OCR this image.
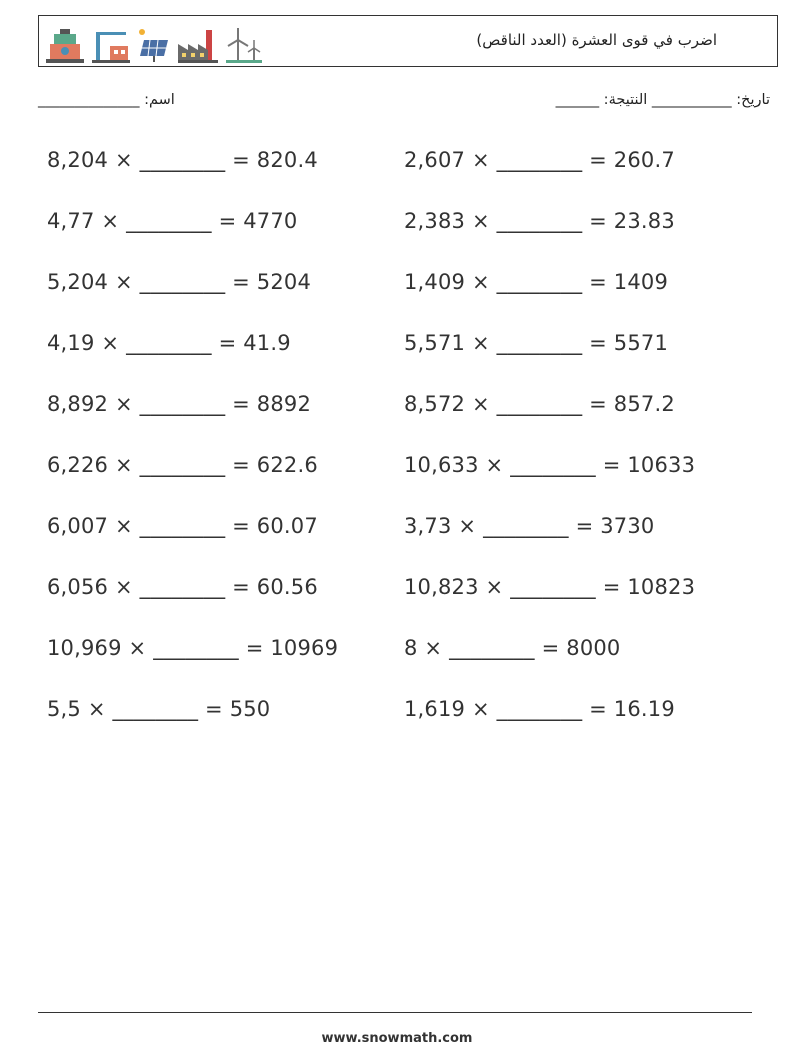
(اضرب في قوى العشرة (العدد الناقص
______ :تاريخ: ___________ النتيجة
______________ :اسم
8,204 × ________ = 820.4
4,77 × ________ = 4770
5,204 × ________ = 5204
4,19 × ________ = 41.9
8,892 × ________ = 8892
6,226 × ________ = 622.6
6,007 × ________ = 60.07
6,056 × ________ = 60.56
10,969 × ________ = 10969
5,5 × ________ = 550
2,607 × ________ = 260.7
2,383 × ________ = 23.83
1,409 × ________ = 1409
5,571 × ________ = 5571
8,572 × ________ = 857.2
10,633 × ________ = 10633
3,73 × ________ = 3730
10,823 × ________ = 10823
8 × ________ = 8000
1,619 × ________ = 16.19
www.snowmath.com
